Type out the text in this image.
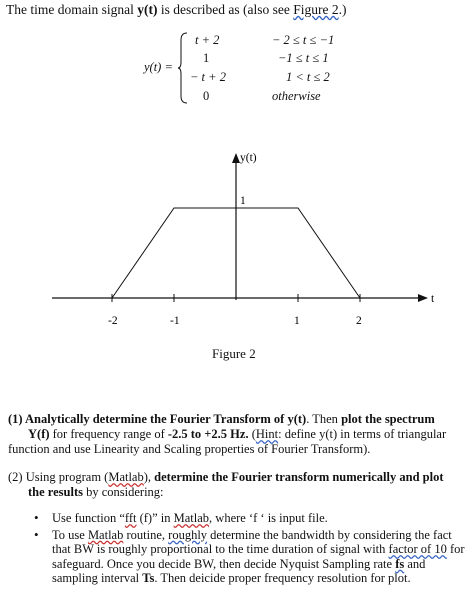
The time domain signal y(t) is described as (also see Figure 2.)
y(t) =
t + 2	− 2 ≤ t ≤ −1
1	−1 ≤ t ≤ 1
− t + 2	1 < t ≤ 2
0	otherwise
-2	-1	1	2
y(t)
t
1
Figure 2
(1) Analytically determine the Fourier Transform of y(t). Then plot the spectrum
Y(f) for frequency range of -2.5 to +2.5 Hz. (Hint: define y(t) in terms of triangular function and use Linearity and Scaling properties of Fourier Transform).
(2) Using program (Matlab), determine the Fourier transform numerically and plot the results by considering:
• Use function “fft (f)” in Matlab, where ‘f ‘ is input file.
• To use Matlab routine, roughly determine the bandwidth by considering the fact that BW is roughly proportional to the time duration of signal with factor of 10 for safeguard. Once you decide BW, then decide Nyquist Sampling rate fs and sampling interval Ts. Then deicide proper frequency resolution for plot.
